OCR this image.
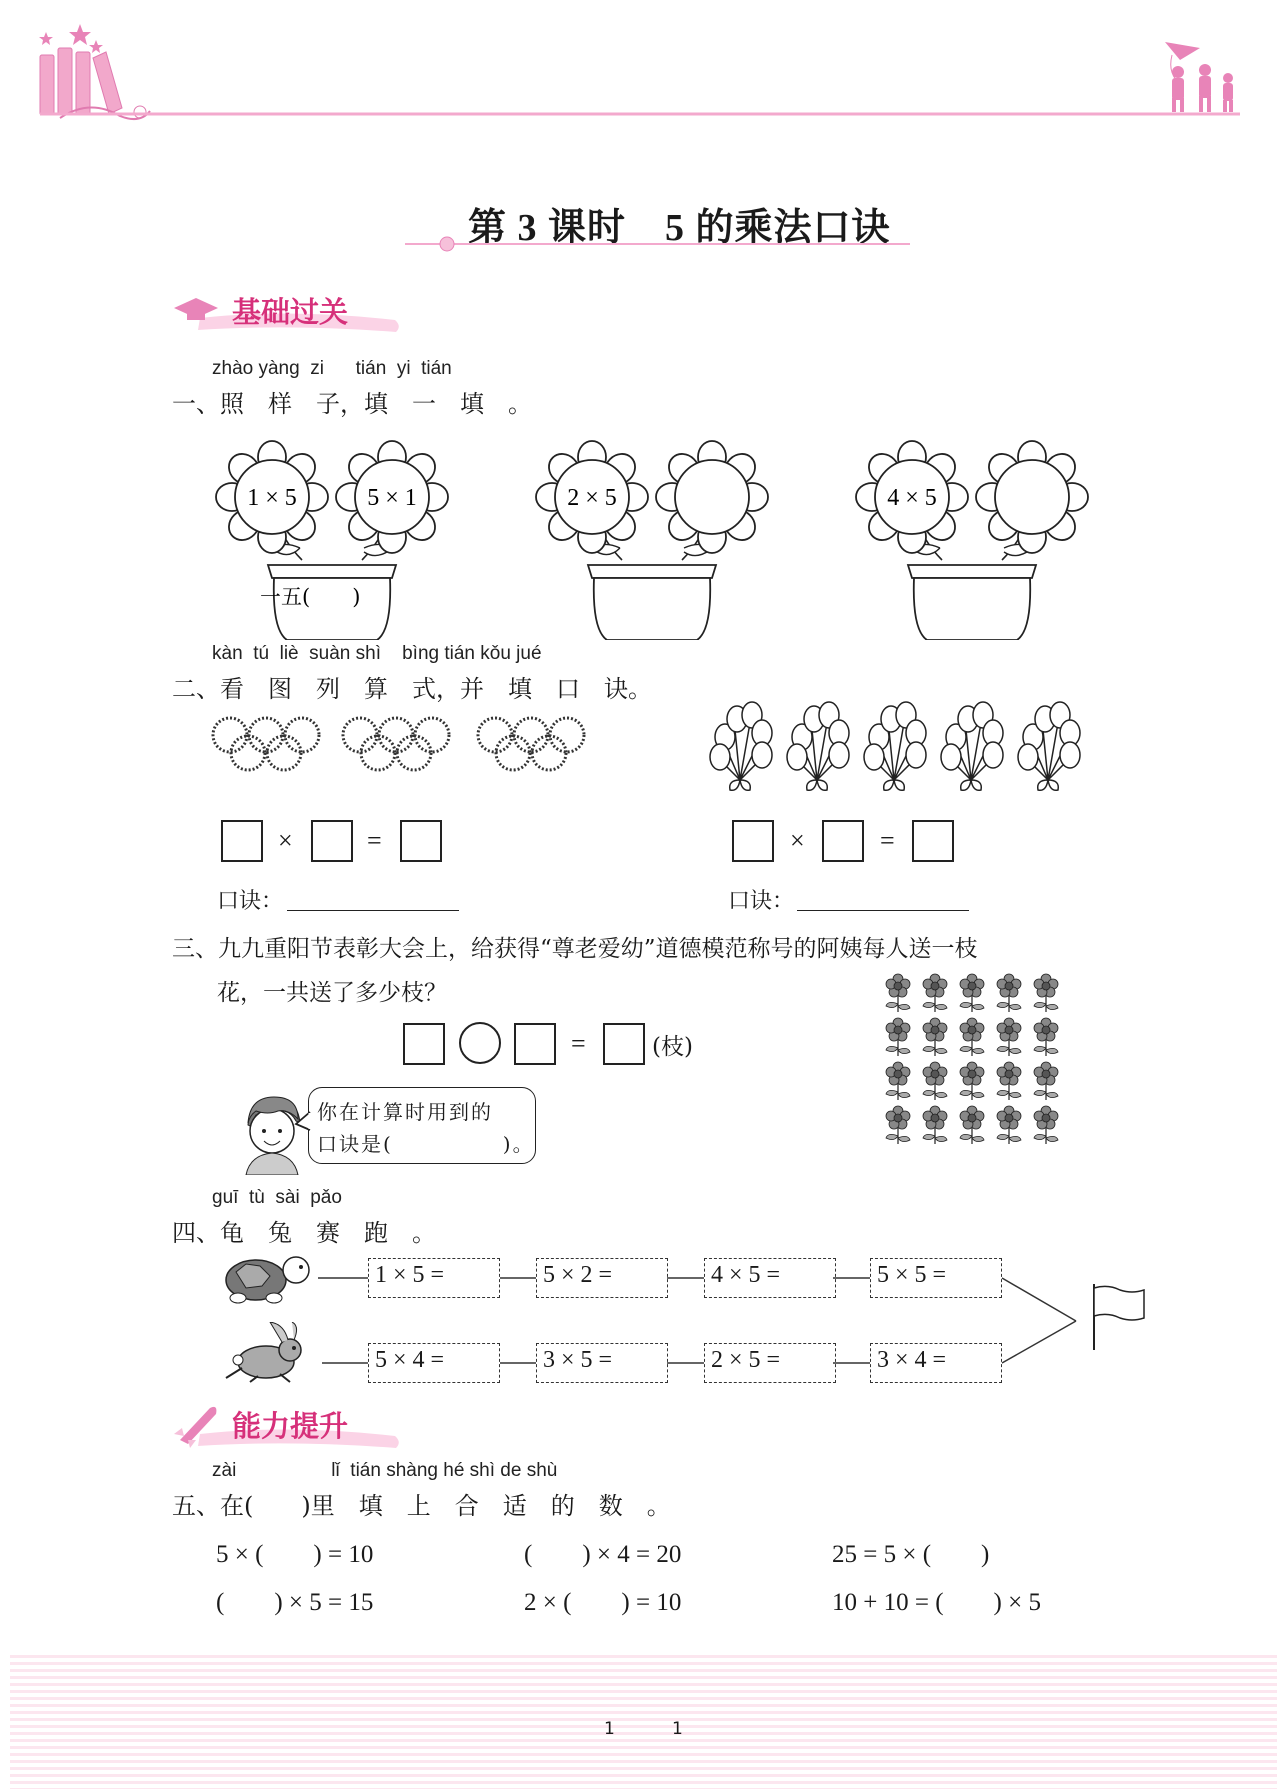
第 3 课时　5 的乘法口诀
基础过关
zhào yàng  zi      tián  yi  tián
一、照　样　子，填　一　填　。
1 × 5	5 × 1
一五(　　)
2 × 5	4 × 5
kàn  tú  liè  suàn shì    bìng tián kǒu jué
二、看　图　列　算　式，并　填　口　诀。
×	=
口诀：
×	=
口诀：
三、九九重阳节表彰大会上，给获得“尊老爱幼”道德模范称号的阿姨每人送一枝
花，一共送了多少枝？
=	(枝)
你在计算时用到的
口诀是(　　　　　)。
guī  tù  sài  pǎo
四、龟　兔　赛　跑　。
1 × 5 =	5 × 2 =	4 × 5 =	5 × 5 =
5 × 4 =	3 × 5 =	2 × 5 =	3 × 4 =
能力提升
zài                  lǐ  tián shàng hé shì de shù
五、在(　　)里　填　上　合　适　的　数　。
5 × (　　) = 10	(　　) × 4 = 20	25 = 5 × (　　)
(　　) × 5 = 15	2 × (　　) = 10	10 + 10 = (　　) × 5
1	1
